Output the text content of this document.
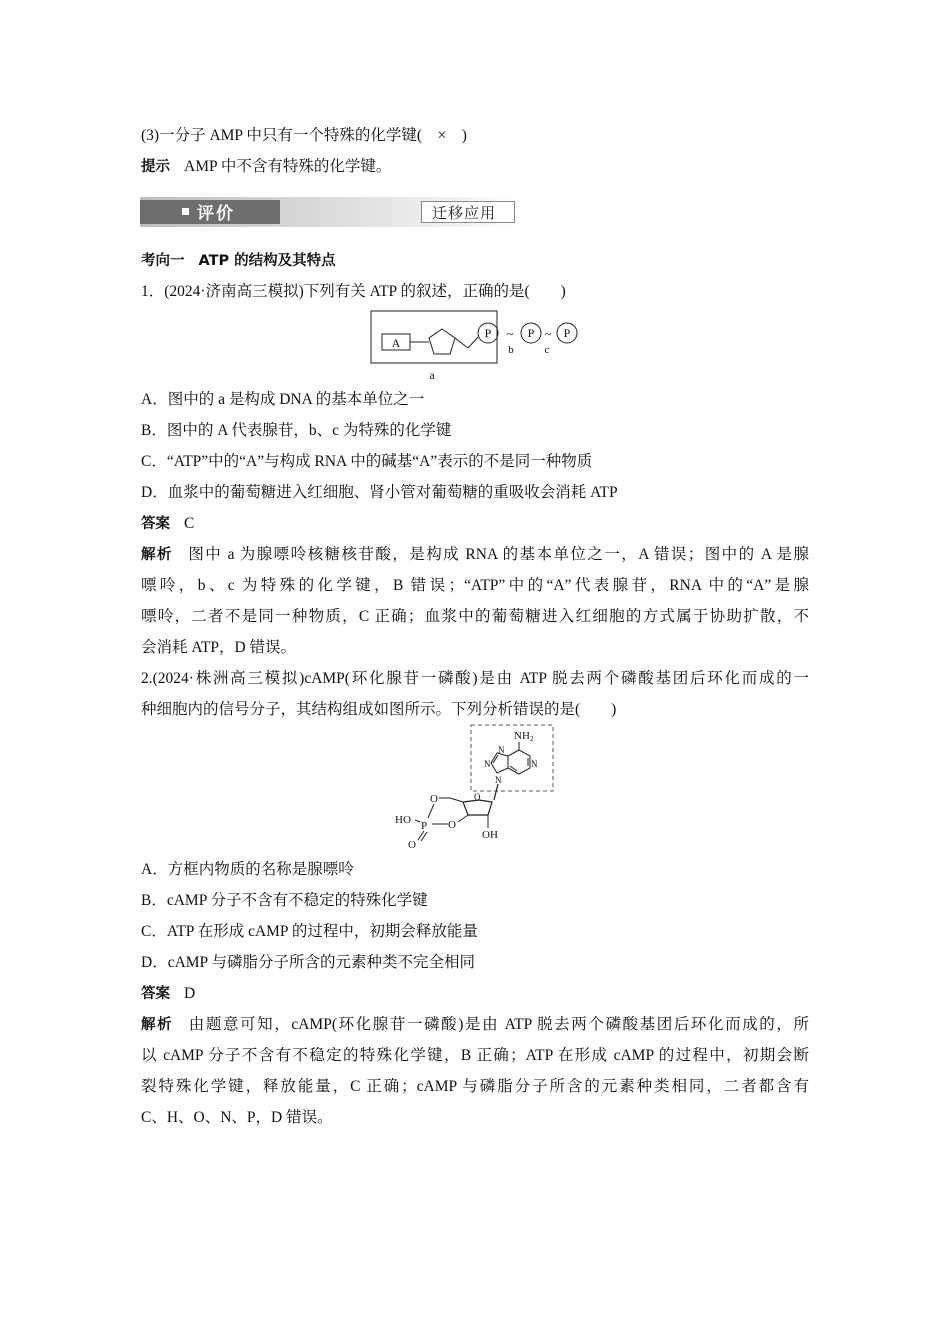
(3)一分子 AMP 中只有一个特殊的化学键(　×　)
提示 AMP 中不含有特殊的化学键。
评价	迁移应用
考向一 ATP 的结构及其特点
1．(2024·济南高三模拟)下列有关 ATP 的叙述，正确的是(　　)
A
P ~
b
P ~
c
P
a
A．图中的 a 是构成 DNA 的基本单位之一
B．图中的 A 代表腺苷，b、c 为特殊的化学键
C．“ATP”中的“A”与构成 RNA 中的碱基“A”表示的不是同一种物质
D．血浆中的葡萄糖进入红细胞、肾小管对葡萄糖的重吸收会消耗 ATP
答案 C
解析 图中 a 为腺嘌呤核糖核苷酸，是构成 RNA 的基本单位之一，A 错误；图中的 A 是腺
嘌呤，b、c 为特殊的化学键，B 错误；“ATP”中的“A”代表腺苷，RNA 中的“A”是腺
嘌呤，二者不是同一种物质，C 正确；血浆中的葡萄糖进入红细胞的方式属于协助扩散，不
会消耗 ATP，D 错误。
2.(2024·株洲高三模拟)cAMP(环化腺苷一磷酸)是由 ATP 脱去两个磷酸基团后环化而成的一
种细胞内的信号分子，其结构组成如图所示。下列分析错误的是(　　)
NH2
N
N	N
N
O
OH
O
P O
HO
O
O
A．方框内物质的名称是腺嘌呤
B．cAMP 分子不含有不稳定的特殊化学键
C．ATP 在形成 cAMP 的过程中，初期会释放能量
D．cAMP 与磷脂分子所含的元素种类不完全相同
答案 D
解析 由题意可知，cAMP(环化腺苷一磷酸)是由 ATP 脱去两个磷酸基团后环化而成的，所
以 cAMP 分子不含有不稳定的特殊化学键，B 正确；ATP 在形成 cAMP 的过程中，初期会断
裂特殊化学键，释放能量，C 正确；cAMP 与磷脂分子所含的元素种类相同，二者都含有
C、H、O、N、P，D 错误。
